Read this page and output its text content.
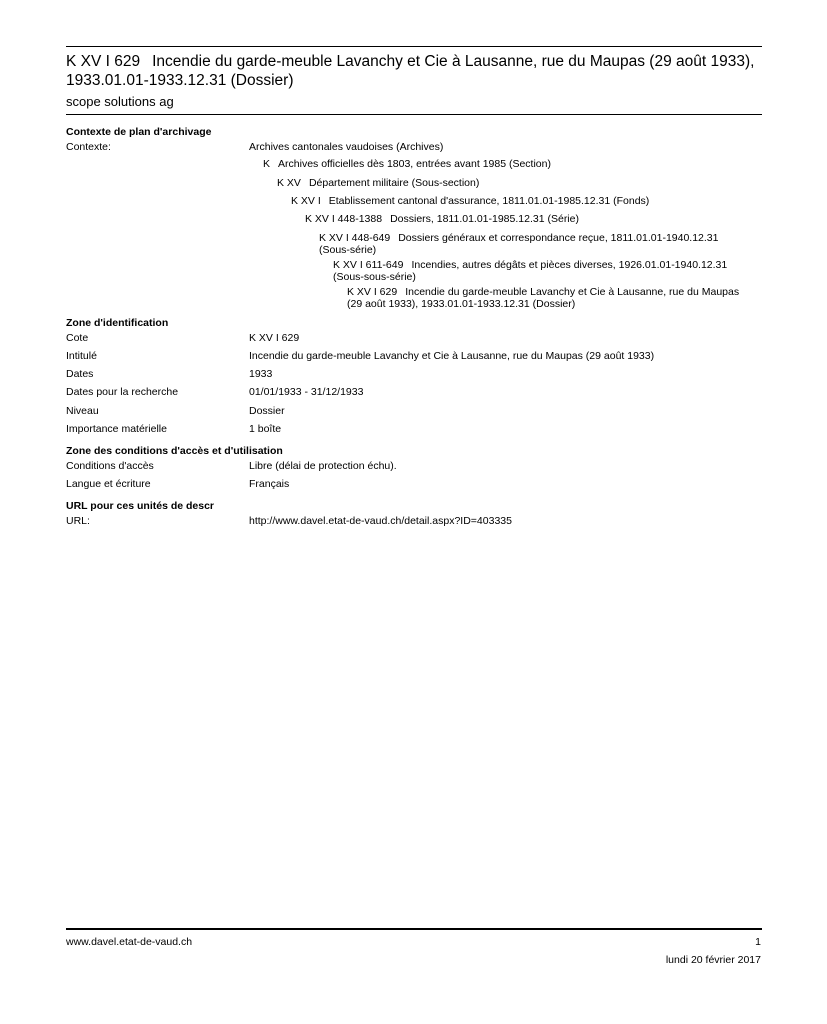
K XV I 629 Incendie du garde-meuble Lavanchy et Cie à Lausanne, rue du Maupas (29 août 1933), 1933.01.01-1933.12.31 (Dossier)
scope solutions ag
Contexte de plan d'archivage
Contexte:	Archives cantonales vaudoises (Archives)
K Archives officielles dès 1803, entrées avant 1985 (Section)
K XV Département militaire (Sous-section)
K XV I Etablissement cantonal d'assurance, 1811.01.01-1985.12.31 (Fonds)
K XV I 448-1388 Dossiers, 1811.01.01-1985.12.31 (Série)
K XV I 448-649 Dossiers généraux et correspondance reçue, 1811.01.01-1940.12.31 (Sous-série)
K XV I 611-649 Incendies, autres dégâts et pièces diverses, 1926.01.01-1940.12.31 (Sous-sous-série)
K XV I 629 Incendie du garde-meuble Lavanchy et Cie à Lausanne, rue du Maupas (29 août 1933), 1933.01.01-1933.12.31 (Dossier)
Zone d'identification
Cote	K XV I 629
Intitulé	Incendie du garde-meuble Lavanchy et Cie à Lausanne, rue du Maupas (29 août 1933)
Dates	1933
Dates pour la recherche	01/01/1933 - 31/12/1933
Niveau	Dossier
Importance matérielle	1 boîte
Zone des conditions d'accès et d'utilisation
Conditions d'accès	Libre (délai de protection échu).
Langue et écriture	Français
URL pour ces unités de descr
URL:	http://www.davel.etat-de-vaud.ch/detail.aspx?ID=403335
www.davel.etat-de-vaud.ch	1
lundi 20 février 2017
